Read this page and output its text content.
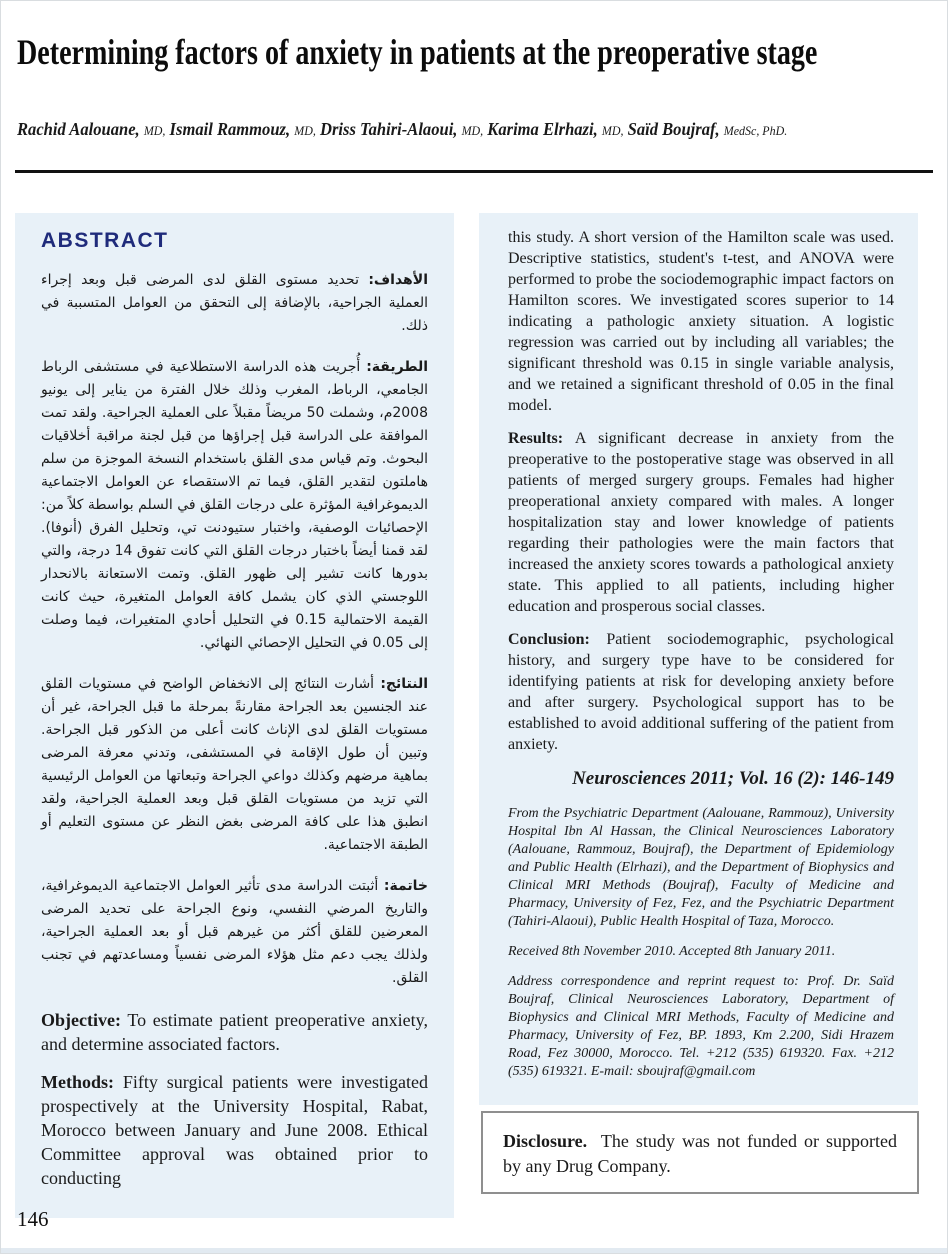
Determining factors of anxiety in patients at the preoperative stage
Rachid Aalouane, MD, Ismail Rammouz, MD, Driss Tahiri-Alaoui, MD, Karima Elrhazi, MD, Saïd Boujraf, MedSc, PhD.
ABSTRACT

الأهداف: تحديد مستوى القلق لدى المرضى قبل وبعد إجراء العملية الجراحية، بالإضافة إلى التحقق من العوامل المتسببة في ذلك.

الطريقة: أُجريت هذه الدراسة الاستطلاعية في مستشفى الرباط الجامعي، الرباط، المغرب وذلك خلال الفترة من يناير إلى يونيو 2008م، وشملت 50 مريضاً مقبلاً على العملية الجراحية. ولقد تمت الموافقة على الدراسة قبل إجراؤها من قبل لجنة مراقبة أخلاقيات البحوث. وتم قياس مدى القلق باستخدام النسخة الموجزة من سلم هاملتون لتقدير القلق، فيما تم الاستقصاء عن العوامل الاجتماعية الديموغرافية المؤثرة على درجات القلق في السلم بواسطة كلاً من: الإحصائيات الوصفية، واختبار ستيودنت تي، وتحليل الفرق (أنوفا). لقد قمنا أيضاً باختبار درجات القلق التي كانت تفوق 14 درجة، والتي بدورها كانت تشير إلى ظهور القلق. وتمت الاستعانة بالانحدار اللوجستي الذي كان يشمل كافة العوامل المتغيرة، حيث كانت القيمة الاحتمالية 0.15 في التحليل أحادي المتغيرات، فيما وصلت إلى 0.05 في التحليل الإحصائي النهائي.

النتائج: أشارت النتائج إلى الانخفاض الواضح في مستويات القلق عند الجنسين بعد الجراحة مقارنةً بمرحلة ما قبل الجراحة، غير أن مستويات القلق لدى الإناث كانت أعلى من الذكور قبل الجراحة. وتبين أن طول الإقامة في المستشفى، وتدني معرفة المرضى بماهية مرضهم وكذلك دواعي الجراحة وتبعاتها من العوامل الرئيسية التي تزيد من مستويات القلق قبل وبعد العملية الجراحية، ولقد انطبق هذا على كافة المرضى بغض النظر عن مستوى التعليم أو الطبقة الاجتماعية.

خاتمة: أثبتت الدراسة مدى تأثير العوامل الاجتماعية الديموغرافية، والتاريخ المرضي النفسي، ونوع الجراحة على تحديد المرضى المعرضين للقلق أكثر من غيرهم قبل أو بعد العملية الجراحية، ولذلك يجب دعم مثل هؤلاء المرضى نفسياً ومساعدتهم في تجنب القلق.

Objective: To estimate patient preoperative anxiety, and determine associated factors.

Methods: Fifty surgical patients were investigated prospectively at the University Hospital, Rabat, Morocco between January and June 2008. Ethical Committee approval was obtained prior to conducting

this study. A short version of the Hamilton scale was used. Descriptive statistics, student's t-test, and ANOVA were performed to probe the sociodemographic impact factors on Hamilton scores. We investigated scores superior to 14 indicating a pathologic anxiety situation. A logistic regression was carried out by including all variables; the significant threshold was 0.15 in single variable analysis, and we retained a significant threshold of 0.05 in the final model.

Results: A significant decrease in anxiety from the preoperative to the postoperative stage was observed in all patients of merged surgery groups. Females had higher preoperational anxiety compared with males. A longer hospitalization stay and lower knowledge of patients regarding their pathologies were the main factors that increased the anxiety scores towards a pathological anxiety state. This applied to all patients, including higher education and prosperous social classes.

Conclusion: Patient sociodemographic, psychological history, and surgery type have to be considered for identifying patients at risk for developing anxiety before and after surgery. Psychological support has to be established to avoid additional suffering of the patient from anxiety.

Neurosciences 2011; Vol. 16 (2): 146-149

From the Psychiatric Department (Aalouane, Rammouz), University Hospital Ibn Al Hassan, the Clinical Neurosciences Laboratory (Aalouane, Rammouz, Boujraf), the Department of Epidemiology and Public Health (Elrhazi), and the Department of Biophysics and Clinical MRI Methods (Boujraf), Faculty of Medicine and Pharmacy, University of Fez, Fez, and the Psychiatric Department (Tahiri-Alaoui), Public Health Hospital of Taza, Morocco.

Received 8th November 2010. Accepted 8th January 2011.

Address correspondence and reprint request to: Prof. Dr. Saïd Boujraf, Clinical Neurosciences Laboratory, Department of Biophysics and Clinical MRI Methods, Faculty of Medicine and Pharmacy, University of Fez, BP. 1893, Km 2.200, Sidi Hrazem Road, Fez 30000, Morocco. Tel. +212 (535) 619320. Fax. +212 (535) 619321. E-mail: sboujraf@gmail.com

Disclosure. The study was not funded or supported by any Drug Company.

146
